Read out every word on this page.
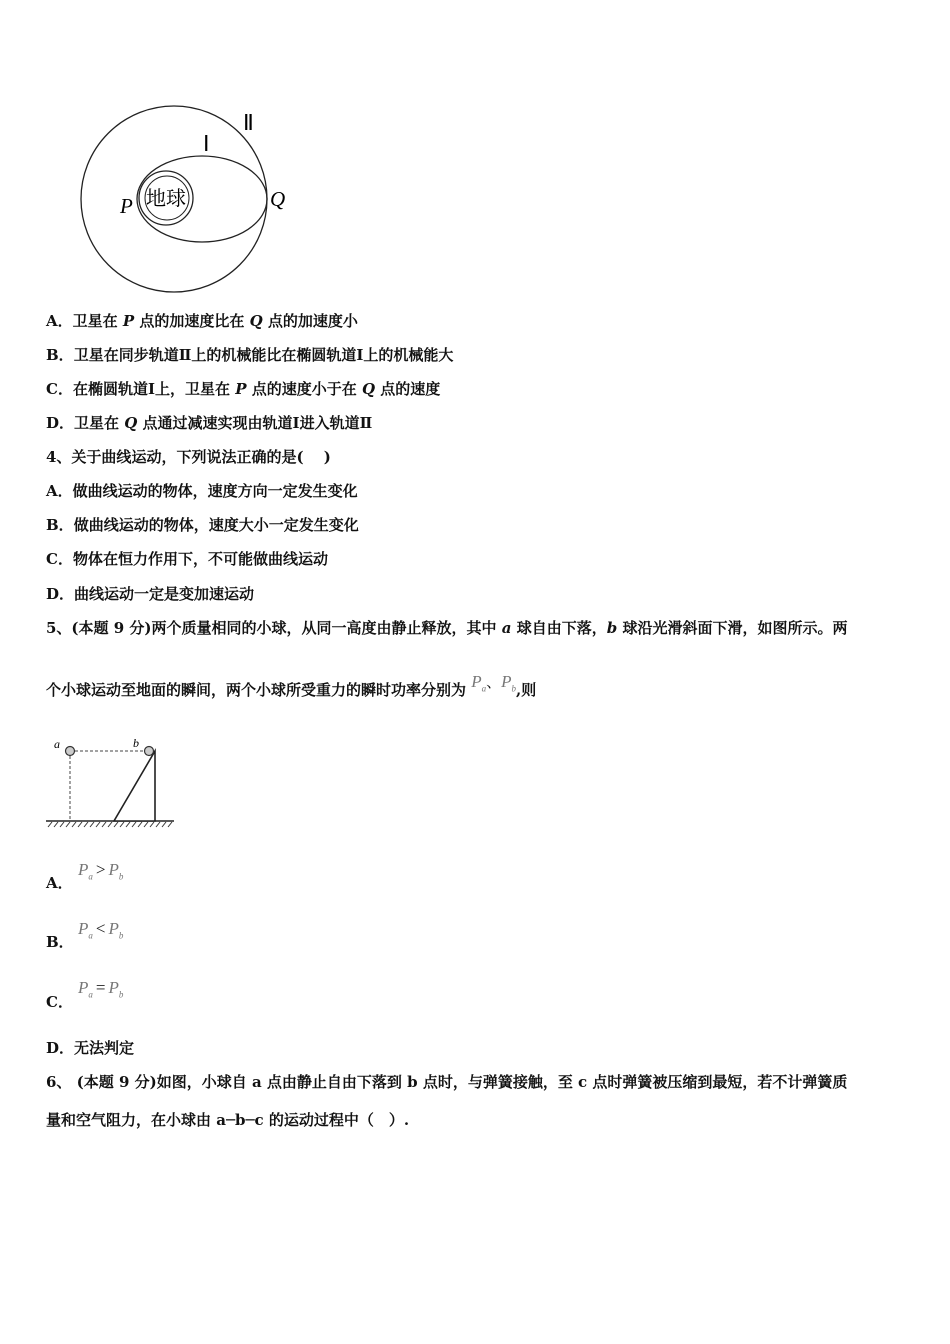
地球
Ⅰ
Ⅱ
P	Q
A．卫星在 P 点的加速度比在 Q 点的加速度小
B．卫星在同步轨道Ⅱ上的机械能比在椭圆轨道Ⅰ上的机械能大
C．在椭圆轨道Ⅰ上，卫星在 P 点的速度小于在 Q 点的速度
D．卫星在 Q 点通过减速实现由轨道Ⅰ进入轨道Ⅱ
4、关于曲线运动，下列说法正确的是(　 )
A．做曲线运动的物体，速度方向一定发生变化
B．做曲线运动的物体，速度大小一定发生变化
C．物体在恒力作用下，不可能做曲线运动
D．曲线运动一定是变加速运动
5、(本题 9 分)两个质量相同的小球，从同一高度由静止释放，其中 a 球自由下落，b 球沿光滑斜面下滑，如图所示。两
个小球运动至地面的瞬间，两个小球所受重力的瞬时功率分别为 $P_a$、$P_b$,则
a	b
A．
$P_a > P_b$
B．
$P_a < P_b$
C．
$P_a = P_b$
D．无法判定
6、 (本题 9 分)如图，小球自 a 点由静止自由下落到 b 点时，与弹簧接触，至 c 点时弹簧被压缩到最短，若不计弹簧质
量和空气阻力，在小球由 a─b─c 的运动过程中（　）.
